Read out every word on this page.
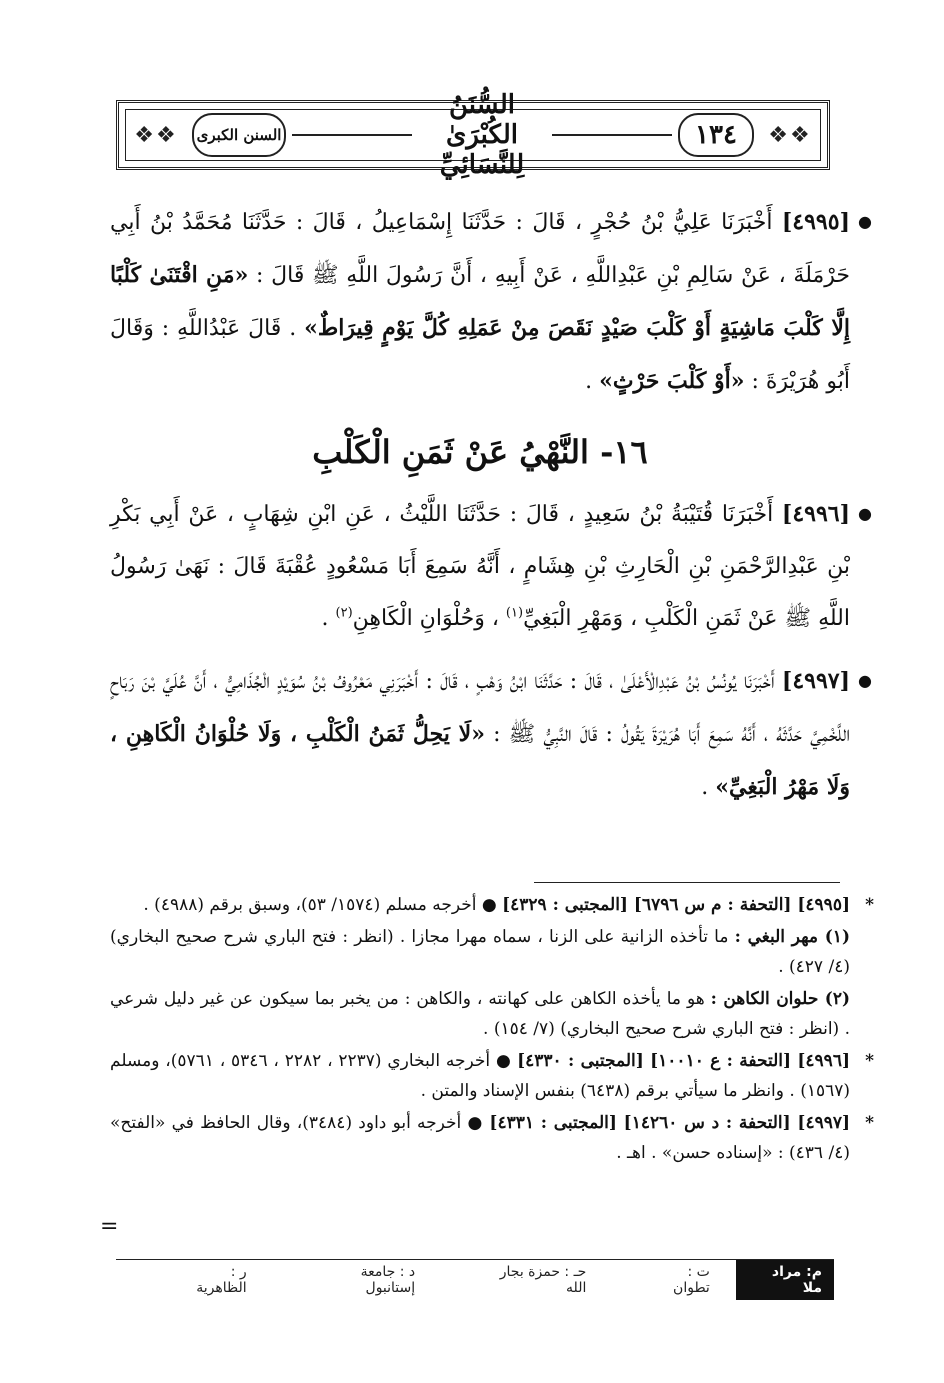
❖❖	السنن الكبرى
السُّنَنُ الكُبْرَىٰ لِلنَّسَائِيِّ
١٣٤	❖❖

●
[٤٩٩٥] أَخْبَرَنَا عَلِيُّ بْنُ حُجْرٍ ، قَالَ : حَدَّثَنَا إِسْمَاعِيلُ ، قَالَ : حَدَّثَنَا مُحَمَّدُ بْنُ أَبِي حَرْمَلَةَ ، عَنْ سَالِمِ بْنِ عَبْدِاللَّهِ ، عَنْ أَبِيهِ ، أَنَّ رَسُولَ اللَّهِ ﷺ قَالَ : «مَنِ اقْتَنَىٰ كَلْبًا إِلَّا كَلْبَ مَاشِيَةٍ أَوْ كَلْبَ صَيْدٍ نَقَصَ مِنْ عَمَلِهِ كُلَّ يَوْمٍ قِيرَاطٌ» . قَالَ عَبْدُاللَّهِ : وَقَالَ أَبُو هُرَيْرَةَ : «أَوْ كَلْبَ حَرْثٍ» .

١٦- النَّهْيُ عَنْ ثَمَنِ الْكَلْبِ

●
[٤٩٩٦] أَخْبَرَنَا قُتَيْبَةُ بْنُ سَعِيدٍ ، قَالَ : حَدَّثَنَا اللَّيْثُ ، عَنِ ابْنِ شِهَابٍ ، عَنْ أَبِي بَكْرِ بْنِ عَبْدِالرَّحْمَنِ بْنِ الْحَارِثِ بْنِ هِشَامٍ ، أَنَّهُ سَمِعَ أَبَا مَسْعُودٍ عُقْبَةَ قَالَ : نَهَىٰ رَسُولُ اللَّهِ ﷺ عَنْ ثَمَنِ الْكَلْبِ ، وَمَهْرِ الْبَغِيِّ$^{(١)}$ ، وَحُلْوَانِ الْكَاهِنِ$^{(٢)}$ .

●
[٤٩٩٧] أَخْبَرَنَا يُونُسُ بْنُ عَبْدِالْأَعْلَىٰ ، قَالَ : حَدَّثَنَا ابْنُ وَهْبٍ ، قَالَ : أَخْبَرَنِي مَعْرُوفُ بْنُ سُوَيْدٍ الْجُذَامِيُّ ، أَنَّ عُلَيَّ بْنَ رَبَاحٍ اللَّخْمِيَّ حَدَّثَهُ ، أَنَّهُ سَمِعَ أَبَا هُرَيْرَةَ يَقُولُ : قَالَ النَّبِيُّ ﷺ : «لَا يَحِلُّ ثَمَنُ الْكَلْبِ ، وَلَا حُلْوَانُ الْكَاهِنِ ، وَلَا مَهْرُ الْبَغِيِّ» .

*
[٤٩٩٥] [التحفة : م س ٦٧٩٦] [المجتبى : ٤٣٢٩] ● أخرجه مسلم (١٥٧٤/ ٥٣)، وسبق برقم (٤٩٨٨) .

(١) مهر البغي : ما تأخذه الزانية على الزنا ، سماه مهرا مجازا . (انظر : فتح الباري شرح صحيح البخاري) (٤/ ٤٢٧) .

(٢) حلوان الكاهن : هو ما يأخذه الكاهن على كهانته ، والكاهن : من يخبر بما سيكون عن غير دليل شرعي . (انظر : فتح الباري شرح صحيح البخاري) (٧/ ١٥٤) .

*
[٤٩٩٦] [التحفة : ع ١٠٠١٠] [المجتبى : ٤٣٣٠] ● أخرجه البخاري (٢٢٣٧ ، ٢٢٨٢ ، ٥٣٤٦ ، ٥٧٦١)، ومسلم (١٥٦٧) . وانظر ما سيأتي برقم (٦٤٣٨) بنفس الإسناد والمتن .

*
[٤٩٩٧] [التحفة : د س ١٤٢٦٠] [المجتبى : ٤٣٣١] ● أخرجه أبو داود (٣٤٨٤)، وقال الحافظ في «الفتح» (٤/ ٤٣٦) : «إسناده حسن» . اهـ .

=
م: مراد ملا
ت : تطوان
حـ : حمزة بجار الله
د : جامعة إستانبول
ر : الظاهرية
